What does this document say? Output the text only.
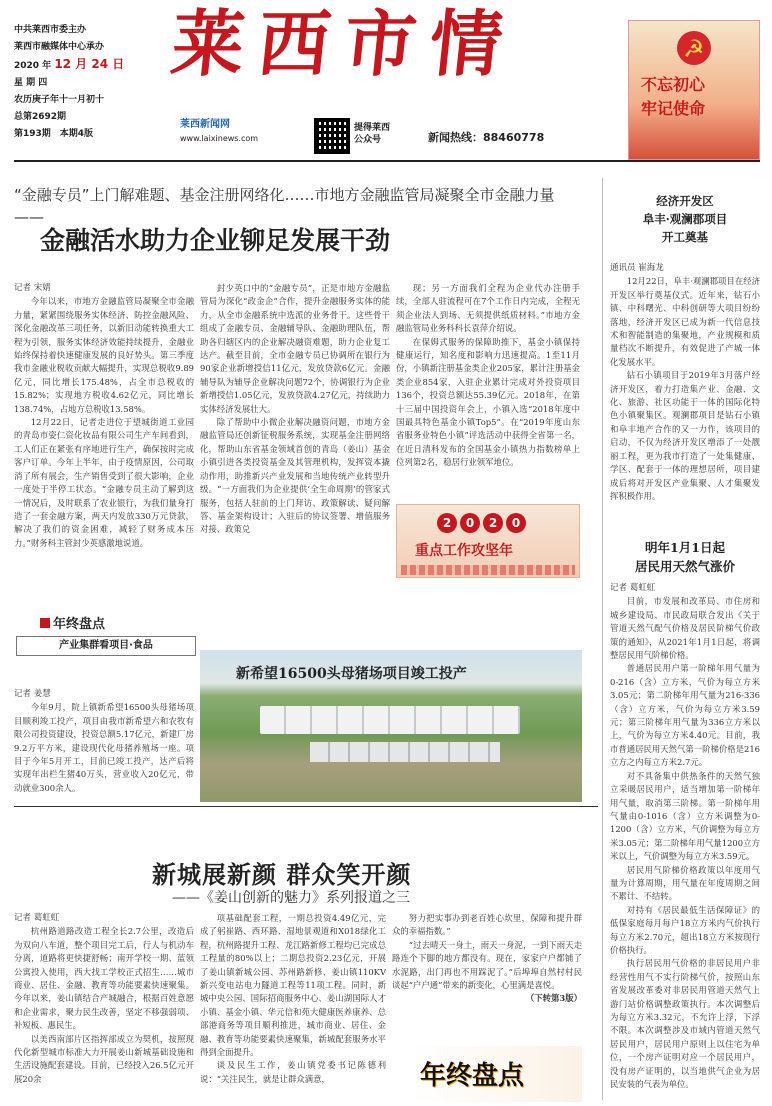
中共莱西市委主办
莱西市融媒体中心承办
2020 年 12 月 24 日
星 期 四
农历庚子年十一月初十
总第2692期
第193期　本期4版
莱西市情
莱西新闻网
www.laixinews.com
提得莱西
公众号	新闻热线：88460778
☭
不忘初心
牢记使命
“金融专员”上门解难题、基金注册网络化……市地方金融监管局凝聚全市金融力量——
金融活水助力企业铆足发展干劲
记者 宋婧

今年以来，市地方金融监管局凝聚全市金融力量，紧紧围绕服务实体经济、防控金融风险、深化金融改革三项任务，以新旧动能转换重大工程为引领，服务实体经济效能持续提升，金融业始终保持着快速健康发展的良好势头。第三季度我市金融业税收贡献大幅提升，实现总税收9.89亿元，同比增长175.48%，占全市总税收的15.82%；实现地方税收4.62亿元，同比增长138.74%，占地方总税收13.58%。

12月22日，记者走进位于望城街道工业园的青岛市姿仁资化妆品有限公司生产车间看到，工人们正在紧张有序地进行生产，确保按时完成客户订单。今年上半年，由于疫情原因，公司取消了所有展会，生产销售受到了很大影响，企业一度处于半停工状态。“金融专员主动了解到这一情况后，及时联系了农业银行，为我们量身打造了一套金融方案，两天内发放330万元贷款，解决了我们的资金困难，减轻了财务成本压力。”财务科主管封少英感激地说道。

封少英口中的“金融专员”，正是市地方金融监管局为深化“政金企”合作，提升金融服务实体的能力，从全市金融系统中选派的业务骨干。这些骨干组成了金融专员、金融辅导队、金融助理队伍，帮助各归辖区内的企业解决融资难题，助力企业复工达产。截至目前，全市金融专员已协调所在银行为90家企业新增授信11亿元，发放贷款6亿元。金融辅导队为辅导企业解决问题72个，协调银行为企业新增授信1.05亿元，发放贷款4.27亿元，持续助力实体经济发展壮大。

除了帮助中小微企业解决融资问题，市地方金融监管局还创新征税服务系统，实现基金注册网络化，帮助山东省基金领域首创的青岛（姜山）基金小镇引进各类投资基金及其管理机构，发挥资本撬动作用，助推新兴产业发展和当地传统产业转型升级。“一方面我们为企业提供‘全生命周期’的管家式服务，包括人驻前的上门拜访、政策解读、疑问解答、基金架构设计；入驻后的协议签署、增值服务对接、政策兑

现；另一方面我们全程为企业代办注册手续，全部人驻流程可在7个工作日内完成，全程无须企业法人到场、无须提供纸质材料。”市地方金融监管局业务科科长袁萍介绍说。

在保姆式服务的保障助推下，基金小镇保持健康运行，知名度和影响力迅速提高。1至11月份，小镇新注册基金类企业205家，累计注册基金类企业854家，入驻企业累计完成对外投资项目136个，投资总额达55.39亿元。2018年，在第十三届中国投资年会上，小镇入选“2018年度中国最具特色基金小镇Top5”。在“2019年度山东省服务业特色小镇”评选活动中获得全省第一名，在近日清科发布的全国基金小镇热力指数榜单上位列第2名，稳居行业领军地位。

2	0	2	0
重点工作攻坚年
年终盘点
产业集群看项目·食品
记者 姜慧

今年9月，院上镇新希望16500头母猪场项目顺利竣工投产，项目由我市新希望六和农牧有限公司投资建设，投资总额5.17亿元，新建厂房9.2万平方米，建设现代化母猪养殖场一座。项目于今年5月开工，目前已竣工投产，达产后将实现年出栏生猪40万头，营业收入20亿元，带动就业300余人。

新希望16500头母猪场项目竣工投产
新城展新颜 群众笑开颜
——《姜山创新的魅力》系列报道之三
记者 葛虹虹

杭州路道路改造工程全长2.7公里，改造后为双向八车道，整个项目完工后，行人与机动车分离，道路将更快捷舒畅；南开学校一期、蓝领公寓投入使用，西大找工学校正式招生……城市商业、居住、金融、教育等功能要素快速聚集。今年以来，姜山镇结合产城融合，根据百姓意愿和企业需求，聚力民生改善，坚定不移强弱项、补短板、惠民生。

以美西南部片区指挥部成立为契机，按照现代化新型城市标准大力开展姜山新城基础设施和生活设施配套建设。目前，已经投入26.5亿元开展20余

项基础配套工程，一期总投资4.49亿元，完成了躬崔路、西环路、湿地景观道和X018绿化工程，杭州路提升工程、龙江路新修工程均已完成总工程量的80%以上；二期总投资2.23亿元，开展了姜山镇新城公园、苏州路新修、姜山镇110KV新兴变电站电力隧道工程等11项工程。同时，新城中央公园、国际招商服务中心、姜山湖国际人才小镇、基金小镇、华元信和苑大健康医养康养、总部港商务等项目顺利推进，城市商业、居住、金融、教育等功能要素快速聚集，新城配套服务水平得到全面提升。

谈及民生工作，姜山镇党委书记陈德利说：“关注民生，就是让群众满意，

努力把实事办到老百姓心坎里，保障和提升群众的幸福指数。”

“过去晴天一身土，雨天一身泥，一到下雨天走路连个下脚的地方都没有。现在，家家户户都铺了水泥路，出门再也不用踩泥了。”后埠埠自然村村民谈起“户户通”带来的新变化，心里满是喜悦。

（下转第3版）
年终盘点
经济开发区
阜丰·观澜郡项目
开工奠基
通讯员 崔海龙

12月22日，阜丰·观澜郡项目在经济开发区举行奠基仪式。近年来，钻石小镇、中科曙光、中科创研等大项目纷纷落地，经济开发区已成为新一代信息技术和智能制造的集聚地，产业规模和质量档次不断提升，有效促进了产城一体化发展水平。

钻石小镇项目于2019年3月落户经济开发区，着力打造集产业、金融、文化、旅游、社区功能于一体的国际化特色小镇聚集区。观澜郡项目是钻石小镇和阜丰地产合作的又一力作，该项目的启动，不仅为经济开发区增添了一处靓丽工程，更为我市打造了一处集健康、学区、配套于一体的理想居所，项目建成后将对开发区产业集聚、人才集聚发挥积极作用。

明年1月1日起
居民用天然气涨价
记者 葛虹虹

目前，市发展和改革局、市住房和城乡建设局、市民政局联合发出《关于管道天然气配气价格及居民阶梯气价政策的通知》，从2021年1月1日起，将调整居民用气阶梯价格。

普通居民用户第一阶梯年用气量为0-216（含）立方米，气价为每立方米3.05元；第二阶梯年用气量为216-336（含）立方米，气价为每立方米3.59元；第三阶梯年用气量为336立方米以上，气价为每立方米4.40元。目前，我市普通居民用天然气第一阶梯价格是216立方之内每立方米2.7元。

对不具备集中供热条件的天然气独立采暖居民用户，适当增加第一阶梯年用气量，取消第三阶梯。第一阶梯年用气量由0-1016（含）立方米调整为0-1200（含）立方米，气价调整为每立方米3.05元；第二阶梯年用气量1200立方米以上，气价调整为每立方米3.59元。

居民用气阶梯价格政策以年度用气量为计算周期，用气量在年度周期之间不累计、不结转。

对持有《居民最低生活保障证》的低保家庭每月每户18立方米内气价执行每立方米2.70元，超出18立方米按现行价格执行。

执行居民用气价格的非居民用户非经营性用气不实行阶梯气价，按照山东省发展改革委对非居民用管道天然气上游门站价格调整政策执行。本次调整后为每立方米3.32元，不允许上浮，下浮不限。本次调整涉及市域内管道天然气居民用户，居民用户原则上以住宅为单位，一个房产证明对应一个居民用户，没有房产证明的，以当地供气企业为居民安装的气表为单位。
